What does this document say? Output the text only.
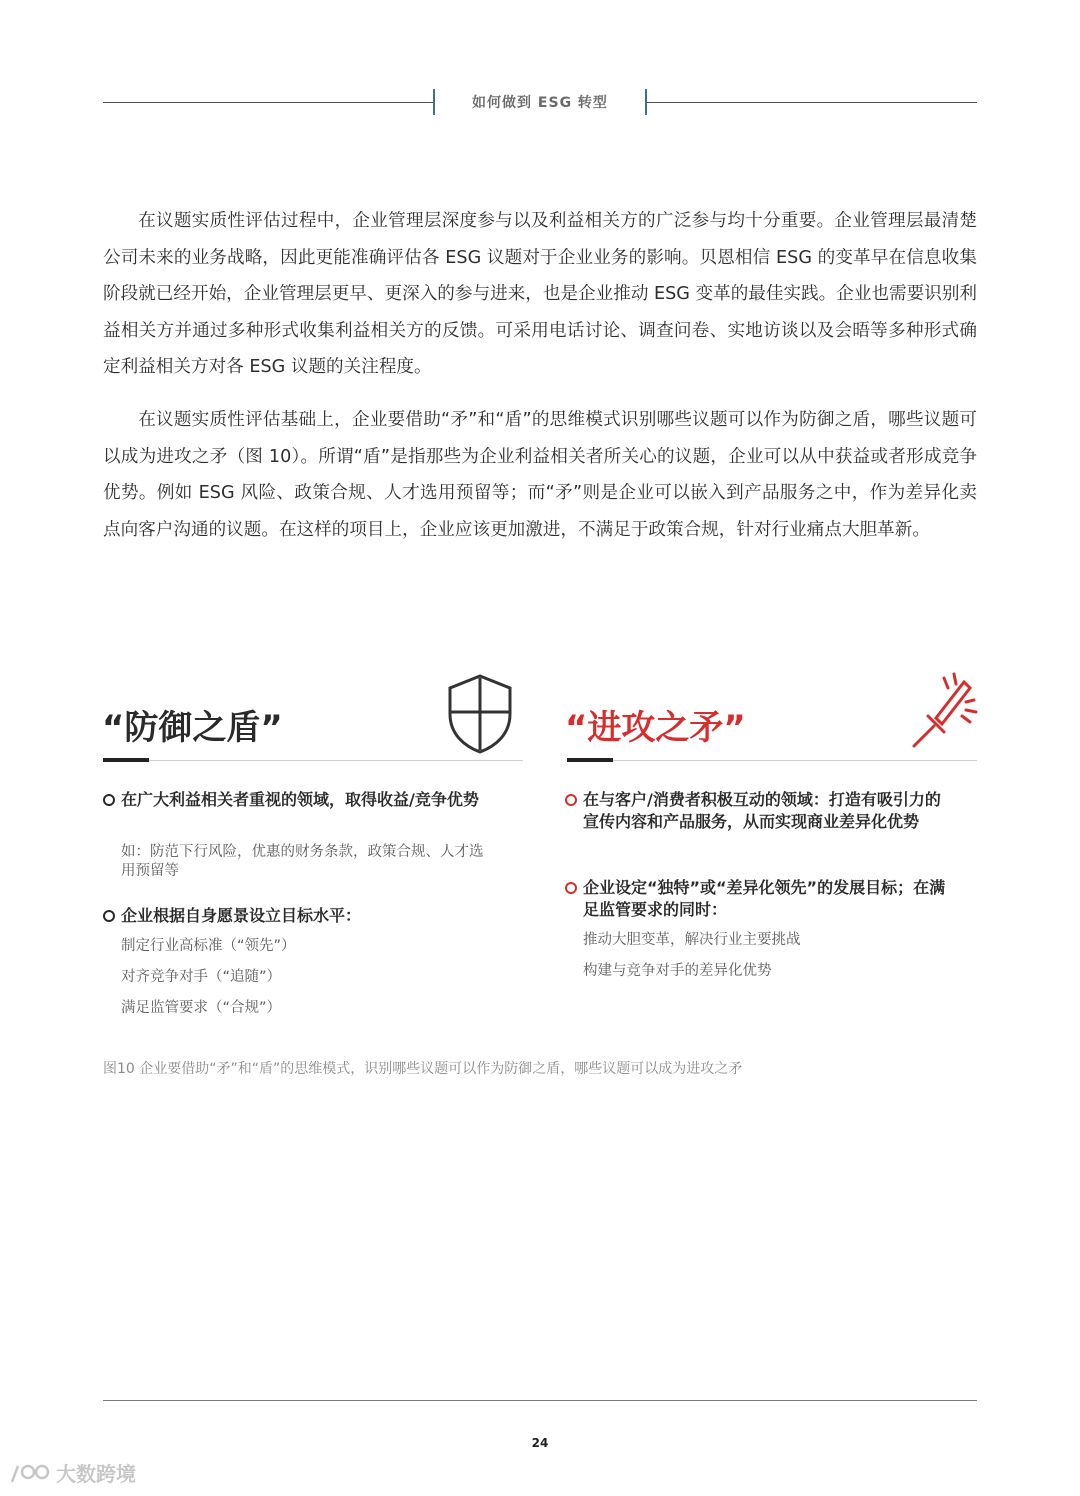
如何做到 ESG 转型

在议题实质性评估过程中，企业管理层深度参与以及利益相关方的广泛参与均十分重要。企业管理层最清楚公司未来的业务战略，因此更能准确评估各 ESG 议题对于企业业务的影响。贝恩相信 ESG 的变革早在信息收集阶段就已经开始，企业管理层更早、更深入的参与进来，也是企业推动 ESG 变革的最佳实践。企业也需要识别利益相关方并通过多种形式收集利益相关方的反馈。可采用电话讨论、调查问卷、实地访谈以及会晤等多种形式确定利益相关方对各 ESG 议题的关注程度。

在议题实质性评估基础上，企业要借助“矛”和“盾”的思维模式识别哪些议题可以作为防御之盾，哪些议题可以成为进攻之矛（图 10）。所谓“盾”是指那些为企业利益相关者所关心的议题，企业可以从中获益或者形成竞争优势。例如 ESG 风险、政策合规、人才选用预留等；而“矛”则是企业可以嵌入到产品服务之中，作为差异化卖点向客户沟通的议题。在这样的项目上，企业应该更加激进，不满足于政策合规，针对行业痛点大胆革新。

“防御之盾”
在广大利益相关者重视的领域，取得收益/竞争优势
如：防范下行风险，优惠的财务条款，政策合规、人才选用预留等
企业根据自身愿景设立目标水平：
制定行业高标准（“领先”）
对齐竞争对手（“追随”）
满足监管要求（“合规”）
“进攻之矛”
在与客户/消费者积极互动的领域：打造有吸引力的宣传内容和产品服务，从而实现商业差异化优势
企业设定“独特”或“差异化领先”的发展目标；在满足监管要求的同时：
推动大胆变革，解决行业主要挑战
构建与竞争对手的差异化优势
图10 企业要借助“矛”和“盾”的思维模式，识别哪些议题可以作为防御之盾，哪些议题可以成为进攻之矛
24
大数跨境
